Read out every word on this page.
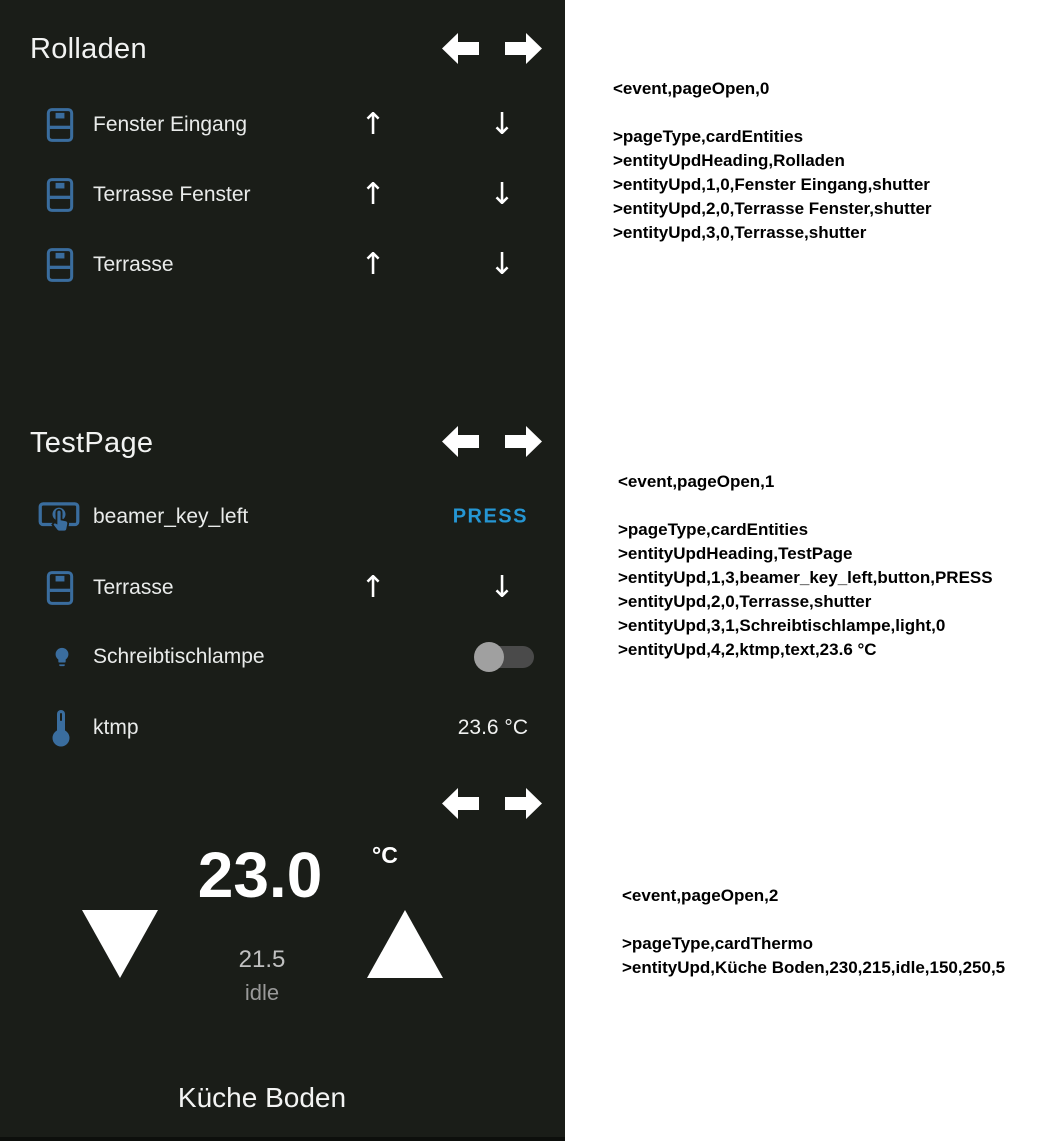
Rolladen
Fenster Eingang	↑	↓
Terrasse Fenster	↑	↓
Terrasse	↑	↓
TestPage
beamer_key_left	PRESS
Terrasse	↑	↓
Schreibtischlampe
ktmp	23.6 °C
23.0	°C
21.5
idle
Küche Boden
<event,pageOpen,0
>pageType,cardEntities
>entityUpdHeading,Rolladen
>entityUpd,1,0,Fenster Eingang,shutter
>entityUpd,2,0,Terrasse Fenster,shutter
>entityUpd,3,0,Terrasse,shutter
<event,pageOpen,1
>pageType,cardEntities
>entityUpdHeading,TestPage
>entityUpd,1,3,beamer_key_left,button,PRESS
>entityUpd,2,0,Terrasse,shutter
>entityUpd,3,1,Schreibtischlampe,light,0
>entityUpd,4,2,ktmp,text,23.6 °C
<event,pageOpen,2
>pageType,cardThermo
>entityUpd,Küche Boden,230,215,idle,150,250,5
